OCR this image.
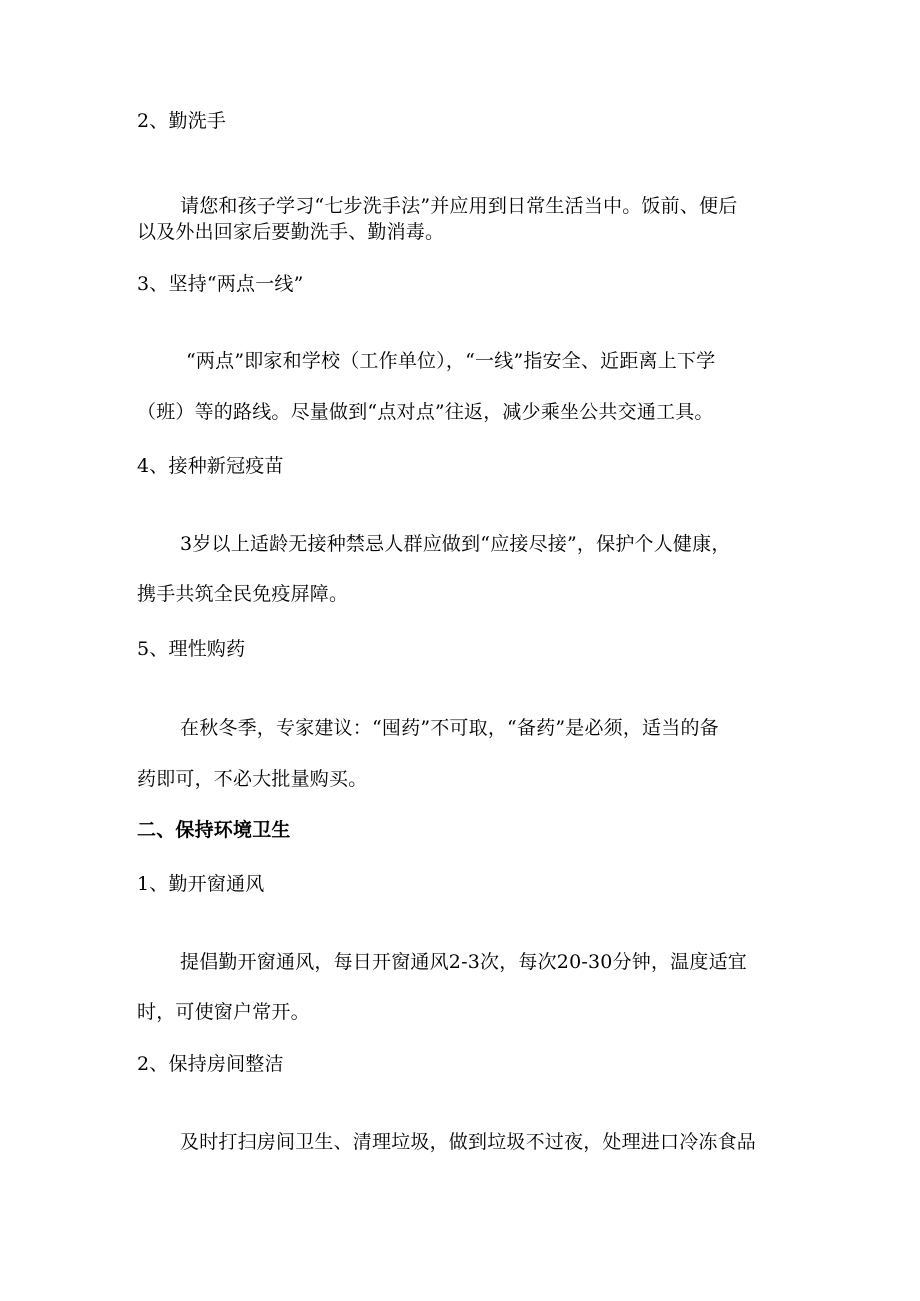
2、勤洗手
请您和孩子学习“七步洗手法”并应用到日常生活当中。饭前、便后
以及外出回家后要勤洗手、勤消毒。
3、坚持“两点一线”
“两点”即家和学校（工作单位），“一线”指安全、近距离上下学
（班）等的路线。尽量做到“点对点”往返，减少乘坐公共交通工具。
4、接种新冠疫苗
3岁以上适龄无接种禁忌人群应做到“应接尽接”，保护个人健康，
携手共筑全民免疫屏障。
5、理性购药
在秋冬季，专家建议：“囤药”不可取，“备药”是必须，适当的备
药即可，不必大批量购买。
二、保持环境卫生
1、勤开窗通风
提倡勤开窗通风，每日开窗通风2-3次，每次20-30分钟，温度适宜
时，可使窗户常开。
2、保持房间整洁
及时打扫房间卫生、清理垃圾，做到垃圾不过夜，处理进口冷冻食品
